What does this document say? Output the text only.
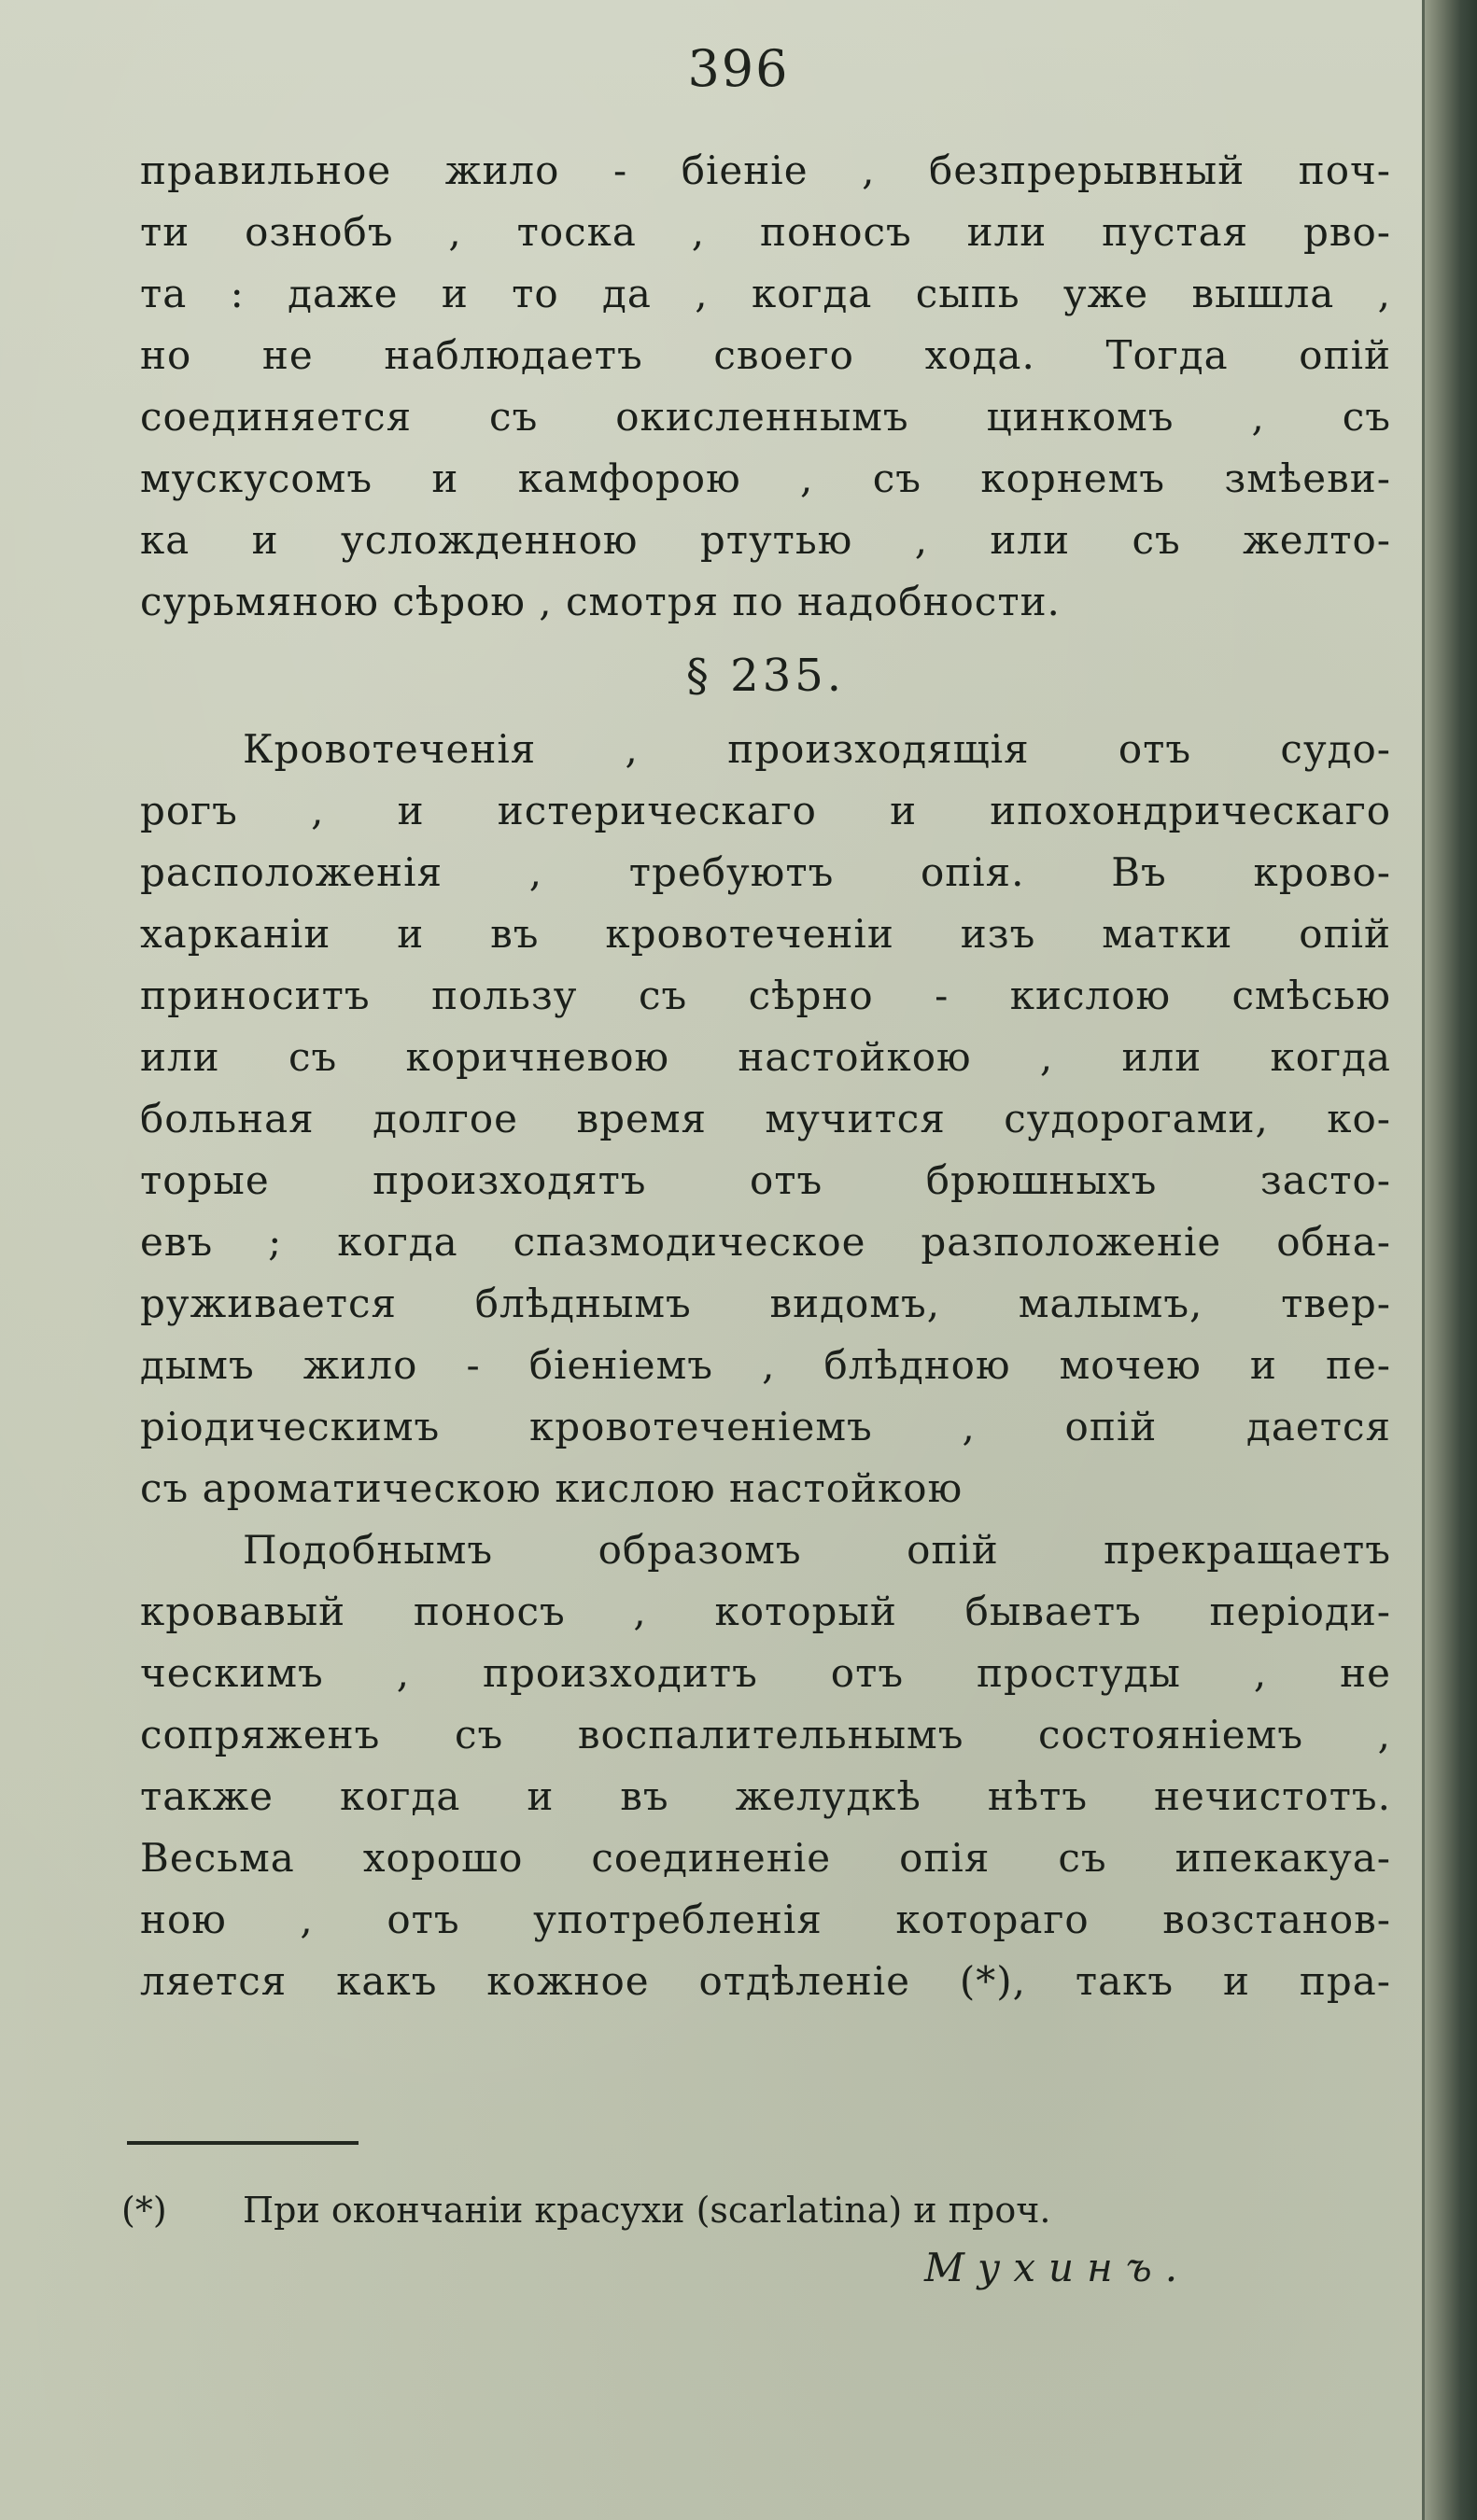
396
правильное жило - біеніе , безпрерывный поч-
ти ознобъ , тоска , поносъ или пустая рво-
та : даже и то да , когда сыпь уже вышла ,
но не наблюдаетъ своего хода. Тогда опій
соединяется съ окисленнымъ цинкомъ , съ
мускусомъ и камфорою , съ корнемъ змѣеви-
ка и усложденною ртутью , или съ желто-
сурьмяною сѣрою , смотря по надобности.
§ 235.
Кровотеченія , произходящія отъ судо-
рогъ , и истерическаго и ипохондрическаго
расположенія , требуютъ опія. Въ крово-
харканіи и въ кровотеченіи изъ матки опій
приноситъ пользу съ сѣрно - кислою смѣсью
или съ коричневою настойкою , или когда
больная долгое время мучится судорогами, ко-
торые произходятъ отъ брюшныхъ засто-
евъ ; когда спазмодическое разположеніе обна-
руживается блѣднымъ видомъ, малымъ, твер-
дымъ жило - біеніемъ , блѣдною мочею и пе-
ріодическимъ кровотеченіемъ , опій дается
съ ароматическою кислою настойкою
Подобнымъ образомъ опій прекращаетъ
кровавый поносъ , который бываетъ періоди-
ческимъ , произходитъ отъ простуды , не
сопряженъ съ воспалительнымъ состояніемъ ,
также когда и въ желудкѣ нѣтъ нечистотъ.
Весьма хорошо соединеніе опія съ ипекакуа-
ною , отъ употребленія котораго возстанов-
ляется какъ кожное отдѣленіе (*), такъ и пра-
(*) При окончаніи красухи (scarlatina) и проч.
Мухинъ.
